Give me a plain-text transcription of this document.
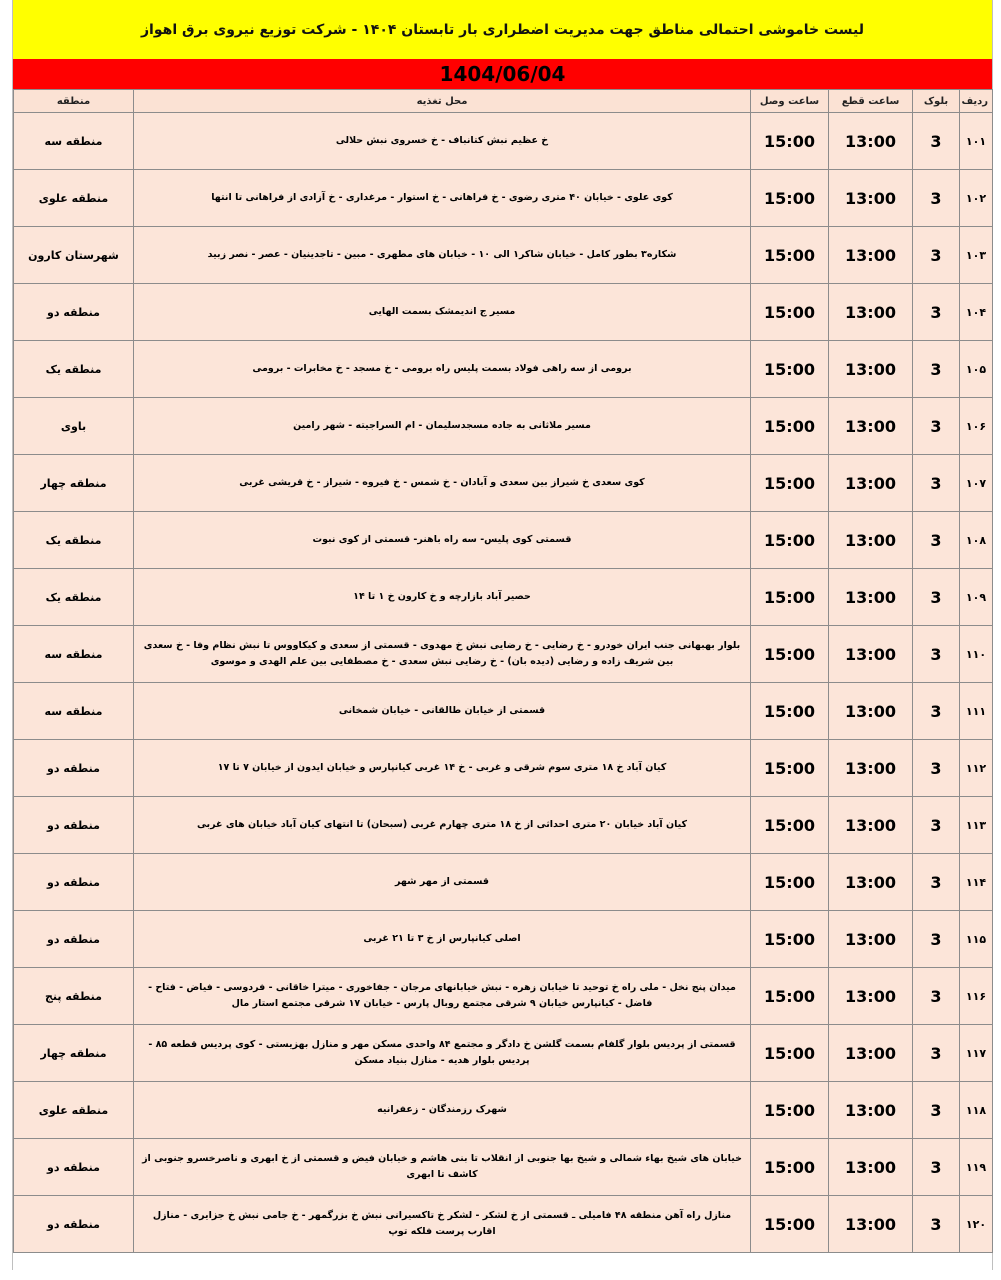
لیست خاموشی احتمالی مناطق جهت مدیریت اضطراری بار تابستان ۱۴۰۴ - شرکت توزیع نیروی برق اهواز
1404/06/04
ردیف	بلوک	ساعت قطع	ساعت وصل	محل تغذیه	منطقه
۱۰۱	3	13:00	15:00	خ عظیم نبش کتانباف - خ خسروی نبش حلالی	منطقه سه
۱۰۲	3	13:00	15:00	کوی علوی - خیابان ۴۰ متری رضوی - خ فراهانی - خ استوار - مرغداری - خ آزادی از فراهانی تا انتها	منطقه علوی
۱۰۳	3	13:00	15:00	شکاره۳ بطور کامل - خیابان شاکر۱ الی ۱۰ - خیابان های مطهری - مبین - تاجدینیان - عصر - نصر زبید	شهرستان کارون
۱۰۴	3	13:00	15:00	مسیر ج اندیمشک بسمت الهایی	منطقه دو
۱۰۵	3	13:00	15:00	برومی از سه راهی فولاد بسمت پلیس راه برومی - خ مسجد - خ مخابرات - برومی	منطقه یک
۱۰۶	3	13:00	15:00	مسیر ملاثانی به جاده مسجدسلیمان - ام السراجیته - شهر رامین	باوی
۱۰۷	3	13:00	15:00	کوی سعدی خ شیراز بین سعدی و آبادان - خ شمس - خ فیروه - شیراز - خ قریشی غربی	منطقه چهار
۱۰۸	3	13:00	15:00	قسمتی کوی پلیس- سه راه باهنر- قسمتی از کوی نبوت	منطقه یک
۱۰۹	3	13:00	15:00	حصیر آباد بازارچه و خ کارون خ ۱ تا ۱۴	منطقه یک
۱۱۰	3	13:00	15:00	بلوار بهبهانی جنب ایران خودرو - خ رضایی - خ رضایی نبش خ مهدوی - قسمتی از سعدی و کیکاووس تا نبش نظام وفا - خ سعدی بین شریف زاده و رضایی (دیده بان) - خ رضایی نبش سعدی - خ مصطفایی بین علم الهدی و موسوی	منطقه سه
۱۱۱	3	13:00	15:00	قسمتی از خیابان طالقانی - خیابان شمخانی	منطقه سه
۱۱۲	3	13:00	15:00	کیان آباد خ ۱۸ متری سوم شرقی و غربی - خ ۱۴ غربی کیانپارس و خیابان ایدون از خیابان ۷ تا ۱۷	منطقه دو
۱۱۳	3	13:00	15:00	کیان آباد خیابان ۲۰ متری احداثی از خ ۱۸ متری چهارم غربی (سبحان) تا انتهای کیان آباد خیابان های غربی	منطقه دو
۱۱۴	3	13:00	15:00	قسمتی از مهر شهر	منطقه دو
۱۱۵	3	13:00	15:00	اصلی کیانپارس از خ ۳ تا ۲۱ غربی	منطقه دو
۱۱۶	3	13:00	15:00	میدان پنج نخل - ملی راه خ توحید تا خیابان زهره - نبش خیابانهای مرجان - جفاخوری - میترا خاقانی - فردوسی - فیاض - فتاح - فاضل - کیانپارس خیابان ۹ شرقی مجتمع روبال پارس - خیابان ۱۷ شرقی مجتمع استار مال	منطقه پنج
۱۱۷	3	13:00	15:00	قسمتی از پردیس بلوار گلفام بسمت گلشن خ دادگر و مجتمع ۸۴ واحدی مسکن مهر و منازل بهزیستی - کوی پردیس قطعه ۸۵ - پردیس بلوار هدیه - منازل بنیاد مسکن	منطقه چهار
۱۱۸	3	13:00	15:00	شهرک رزمندگان - زعفرانیه	منطقه علوی
۱۱۹	3	13:00	15:00	خیابان های شیخ بهاء شمالی و شیخ بها جنوبی از انقلاب تا بنی هاشم و خیابان فیض و قسمتی از خ ابهری و ناصرخسرو جنوبی از کاشف تا ابهری	منطقه دو
۱۲۰	3	13:00	15:00	منازل راه آهن منطقه ۴۸ فامیلی ـ قسمتی از خ لشکر - لشکر خ تاکسیرانی نبش خ بزرگمهر - خ جامی نبش خ جزایری - منازل اقارب پرست فلکه توپ	منطقه دو
